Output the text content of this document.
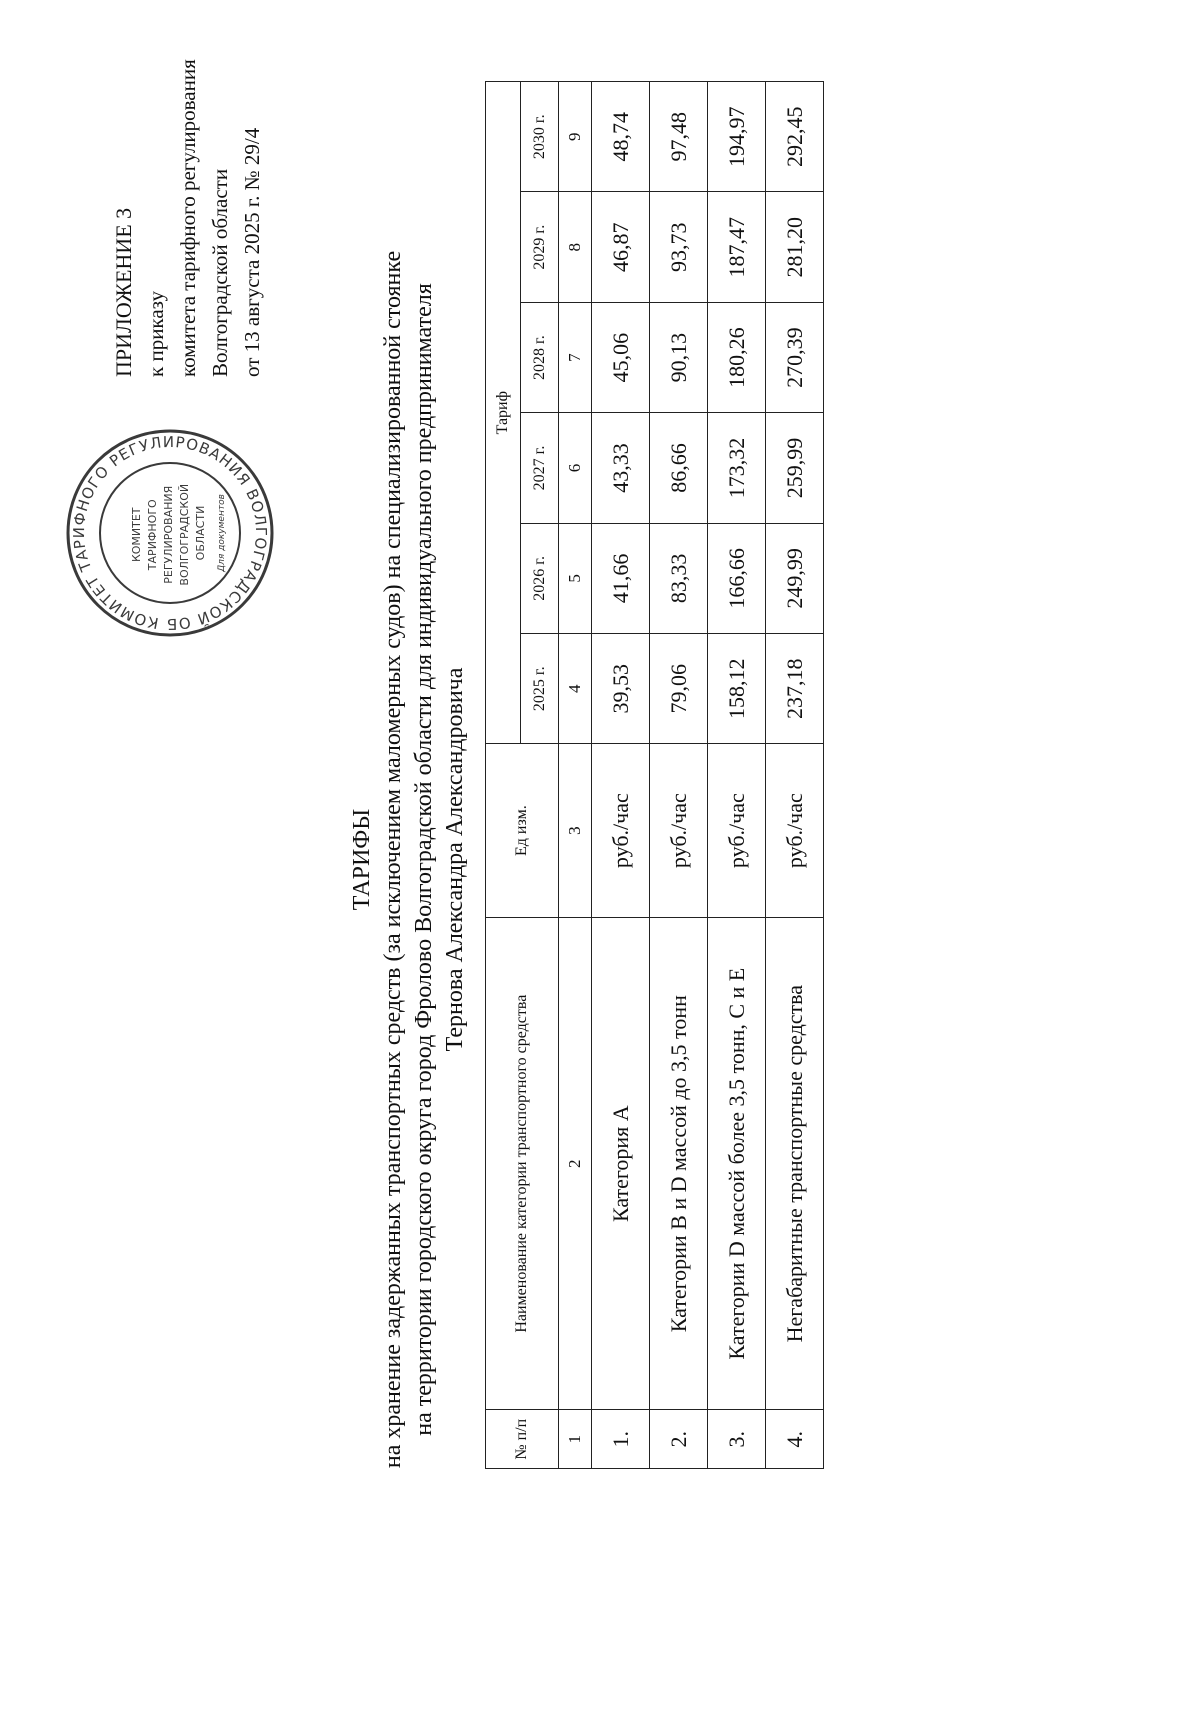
КОМИТЕТ ТАРИФНОГО РЕГУЛИРОВАНИЯ ВОЛГОГРАДСКОЙ ОБ
КОМИТЕТ ТАРИФНОГО РЕГУЛИРОВАНИЯ ВОЛГОГРАДСКОЙ ОБЛАСТИ Для документов
ПРИЛОЖЕНИЕ 3 к приказу комитета тарифного регулирования Волгоградской области от 13 августа 2025 г. № 29/4
ТАРИФЫ на хранение задержанных транспортных средств (за исключением маломерных судов) на специализированной стоянке на территории городского округа город Фролово Волгоградской области для индивидуального предпринимателя Тернова Александра Александровича
№ п/п	Наименование категории транспортного средства	Ед изм.	Тариф					
			2025 г.	2026 г.	2027 г.	2028 г.	2029 г.	2030 г.
1	2	3	4	5	6	7	8	9
1.	Категория А	руб./час	39,53	41,66	43,33	45,06	46,87	48,74
2.	Категории В и D массой до 3,5 тонн	руб./час	79,06	83,33	86,66	90,13	93,73	97,48
3.	Категории D массой более 3,5 тонн, С и Е	руб./час	158,12	166,66	173,32	180,26	187,47	194,97
4.	Негабаритные транспортные средства	руб./час	237,18	249,99	259,99	270,39	281,20	292,45
